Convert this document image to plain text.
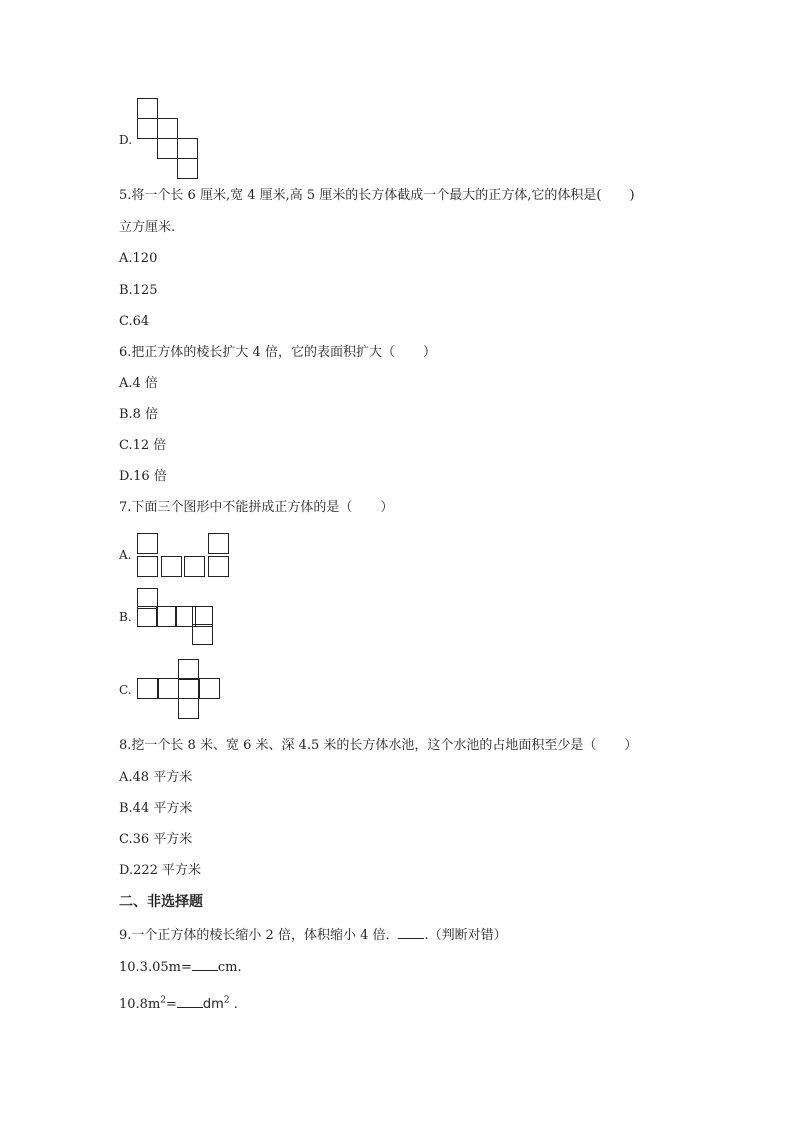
D.
5.将一个长 6 厘米,宽 4 厘米,高 5 厘米的长方体截成一个最大的正方体,它的体积是( )
立方厘米.
A.120
B.125
C.64
6.把正方体的棱长扩大 4 倍，它的表面积扩大（ ）
A.4 倍
B.8 倍
C.12 倍
D.16 倍
7.下面三个图形中不能拼成正方体的是（ ）
A.
B.
C.
8.挖一个长 8 米、宽 6 米、深 4.5 米的长方体水池，这个水池的占地面积至少是（ ）
A.48 平方米
B.44 平方米
C.36 平方米
D.222 平方米
二、非选择题
9.一个正方体的棱长缩小 2 倍，体积缩小 4 倍． .（判断对错）
10.3.05m= cm.
$10.8m^2= dm^2$ .
